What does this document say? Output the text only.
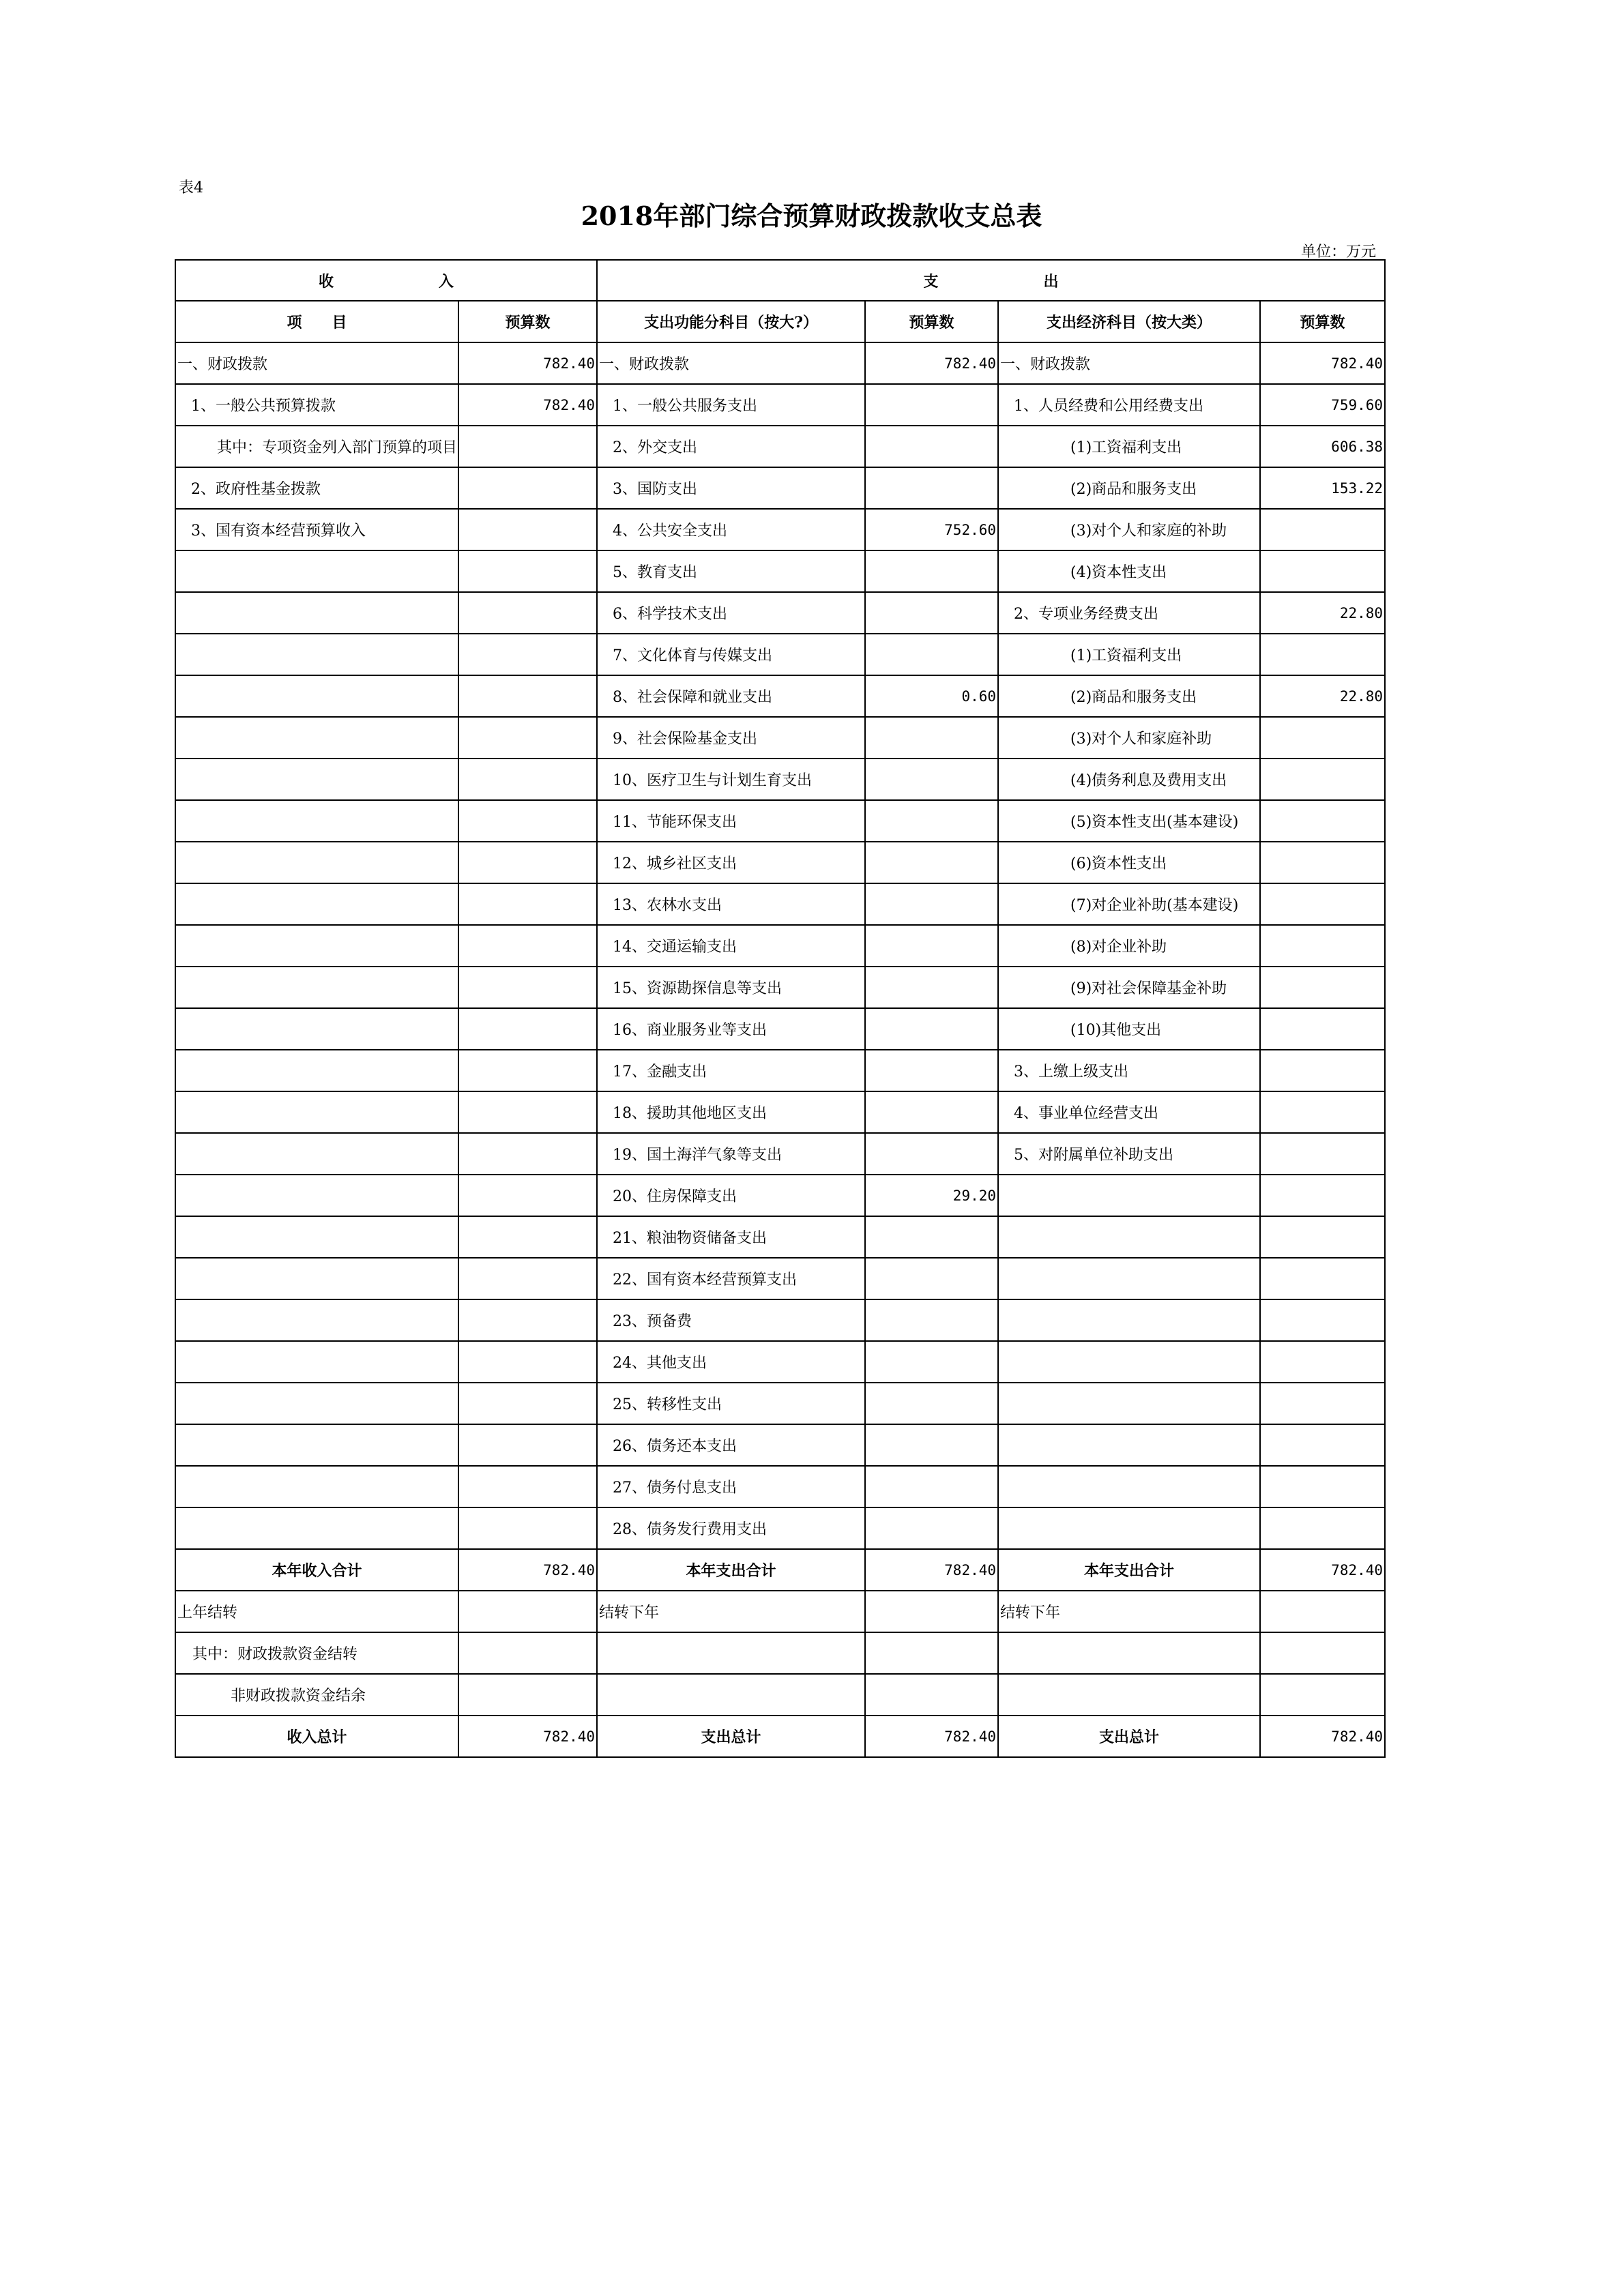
表4
2018年部门综合预算财政拨款收支总表
单位：万元
收　　　　　　　入		支　　　　　　　出			
项　　目	预算数	支出功能分科目（按大?）	预算数	支出经济科目（按大类）	预算数
一、财政拨款	782.40	一、财政拨款	782.40	一、财政拨款	782.40
1、一般公共预算拨款	782.40	1、一般公共服务支出		1、人员经费和公用经费支出	759.60
其中：专项资金列入部门预算的项目		2、外交支出		(1)工资福利支出	606.38
2、政府性基金拨款		3、国防支出		(2)商品和服务支出	153.22
3、国有资本经营预算收入		4、公共安全支出	752.60	(3)对个人和家庭的补助	
		5、教育支出		(4)资本性支出	
		6、科学技术支出		2、专项业务经费支出	22.80
		7、文化体育与传媒支出		(1)工资福利支出	
		8、社会保障和就业支出	0.60	(2)商品和服务支出	22.80
		9、社会保险基金支出		(3)对个人和家庭补助	
		10、医疗卫生与计划生育支出		(4)债务利息及费用支出	
		11、节能环保支出		(5)资本性支出(基本建设)	
		12、城乡社区支出		(6)资本性支出	
		13、农林水支出		(7)对企业补助(基本建设)	
		14、交通运输支出		(8)对企业补助	
		15、资源勘探信息等支出		(9)对社会保障基金补助	
		16、商业服务业等支出		(10)其他支出	
		17、金融支出		3、上缴上级支出	
		18、援助其他地区支出		4、事业单位经营支出	
		19、国土海洋气象等支出		5、对附属单位补助支出	
		20、住房保障支出	29.20		
		21、粮油物资储备支出			
		22、国有资本经营预算支出			
		23、预备费			
		24、其他支出			
		25、转移性支出			
		26、债务还本支出			
		27、债务付息支出			
		28、债务发行费用支出			
本年收入合计	782.40	本年支出合计	782.40	本年支出合计	782.40
上年结转		结转下年		结转下年	
其中：财政拨款资金结转					
非财政拨款资金结余					
收入总计	782.40	支出总计	782.40	支出总计	782.40
